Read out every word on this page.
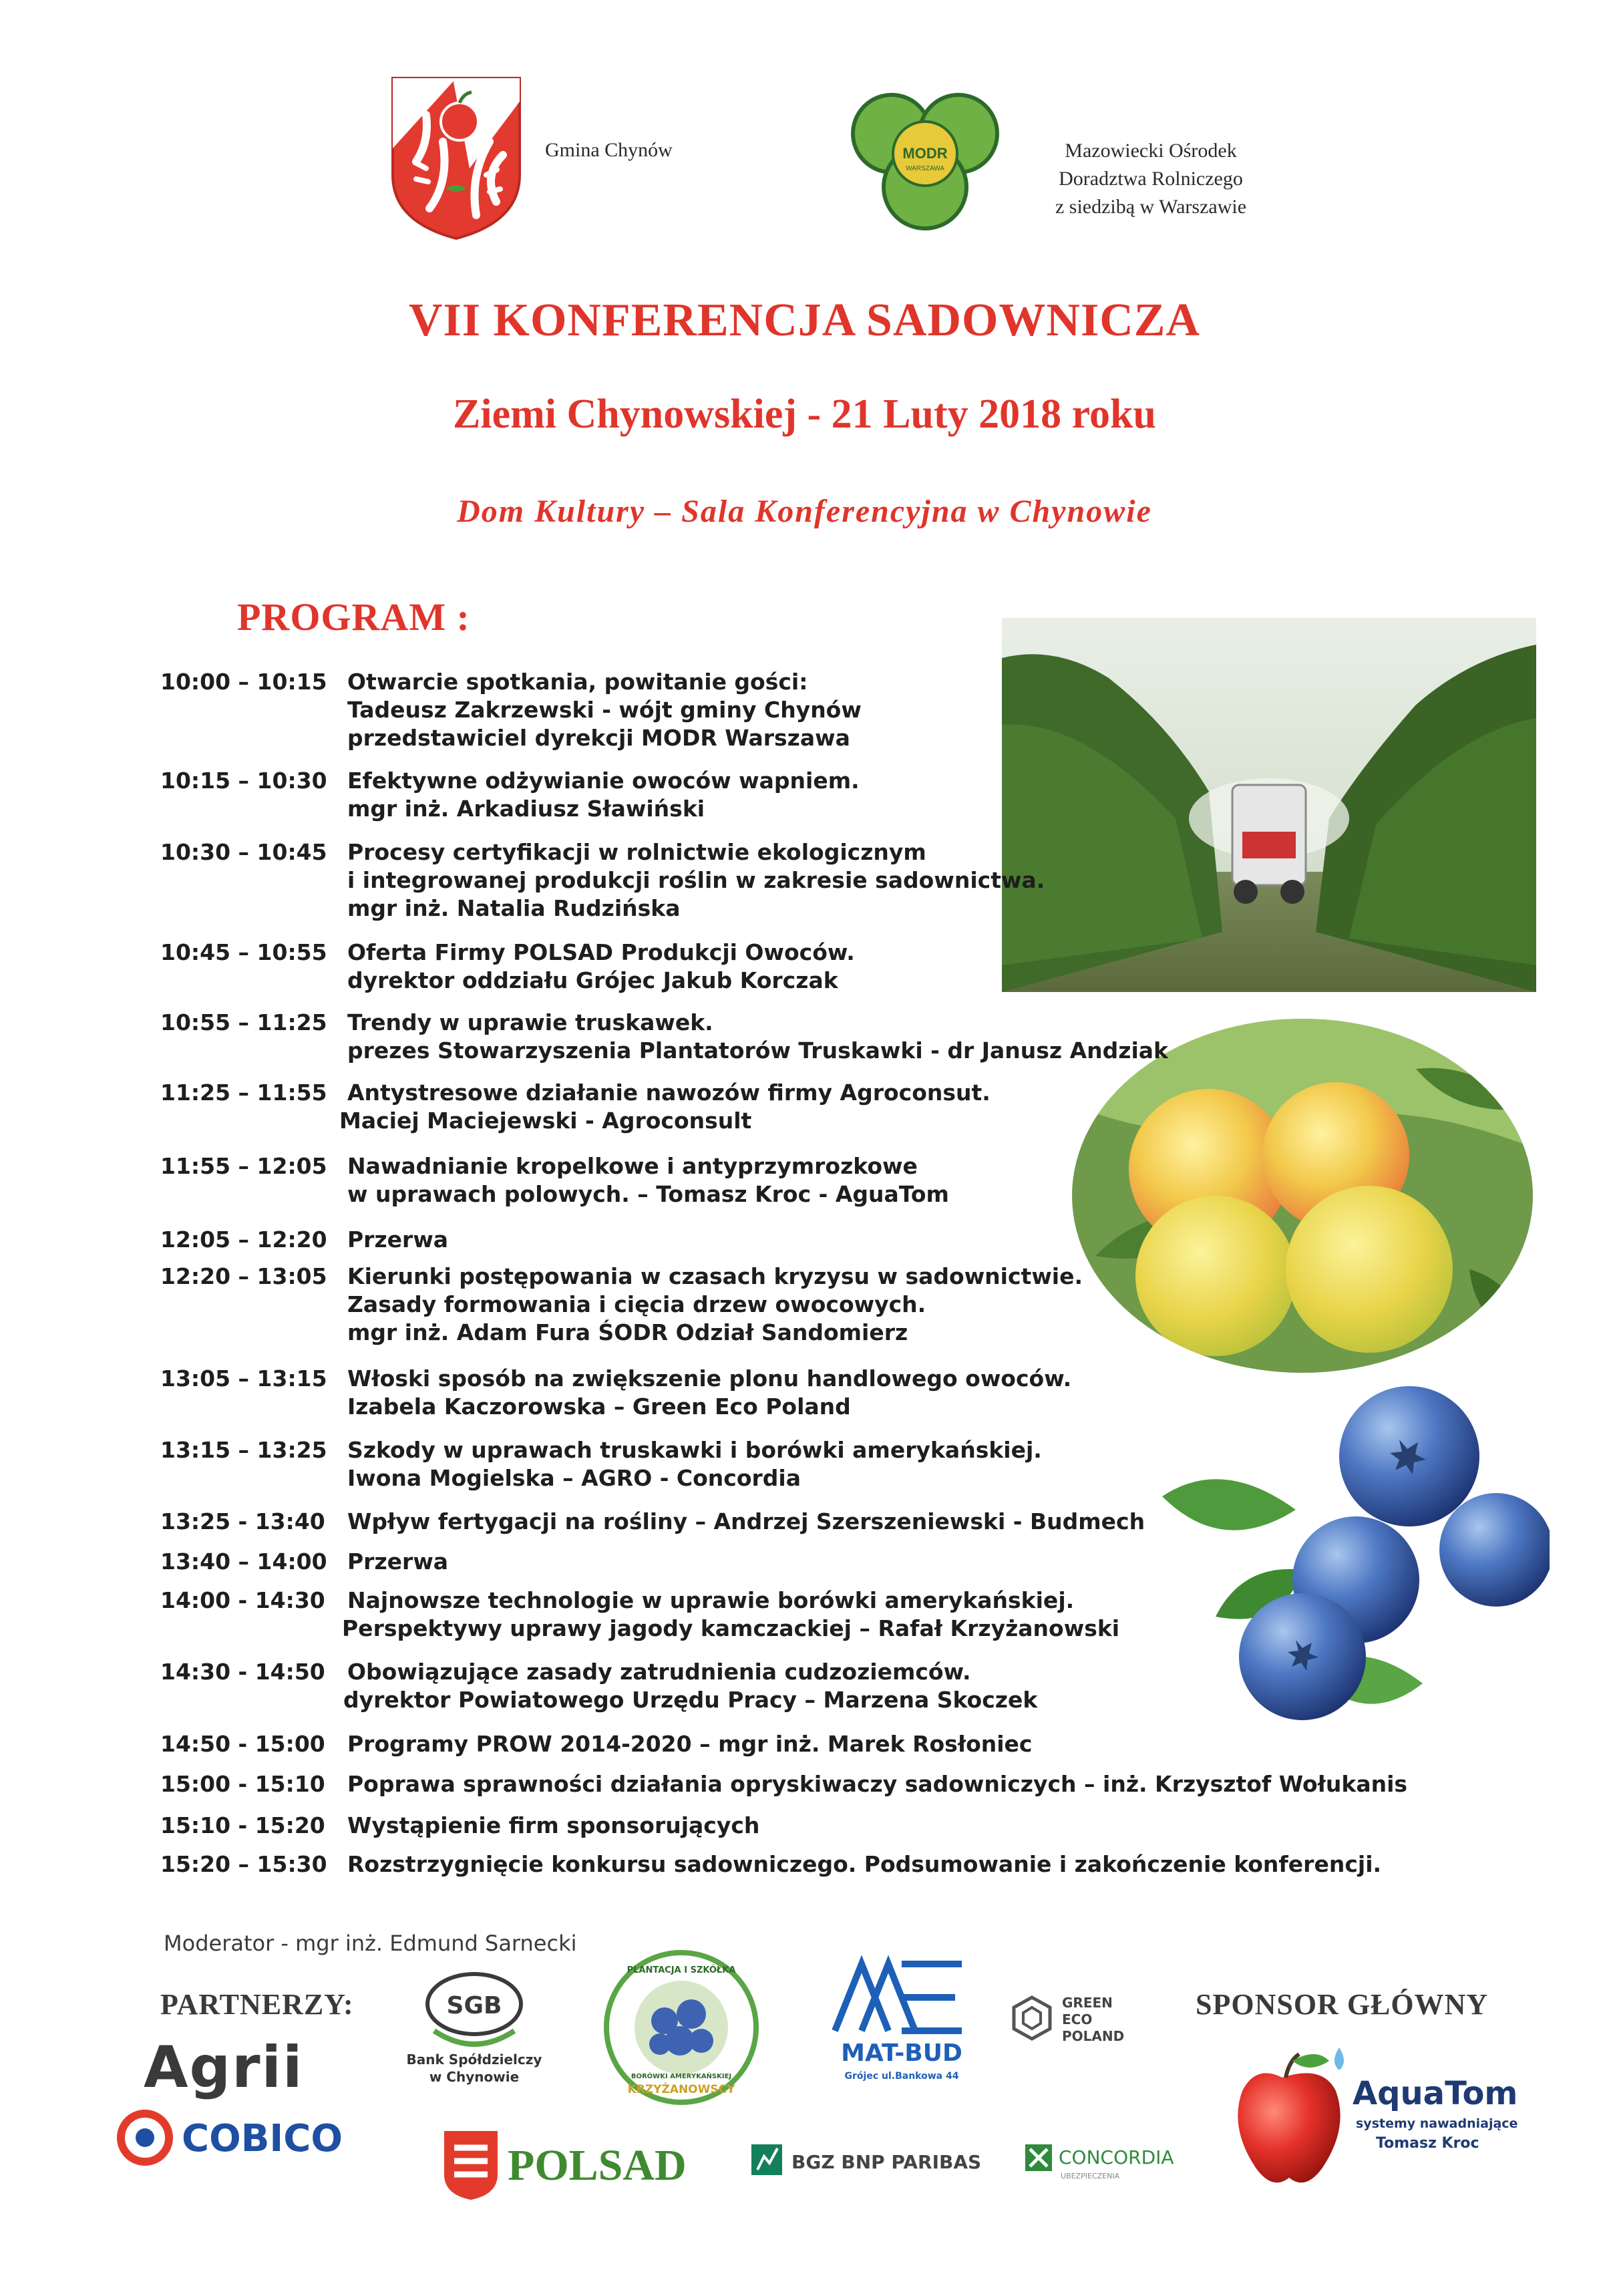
Gmina Chynów	MODR
WARSZAWA
Mazowiecki Ośrodek
Doradztwa Rolniczego
z siedzibą w Warszawie
VII KONFERENCJA SADOWNICZA
Ziemi Chynowskiej - 21 Luty 2018 roku
Dom Kultury – Sala Konferencyjna w Chynowie
PROGRAM :
10:00 – 10:15 Otwarcie spotkania, powitanie gości:
Tadeusz Zakrzewski - wójt gminy Chynów
przedstawiciel dyrekcji MODR Warszawa
10:15 – 10:30 Efektywne odżywianie owoców wapniem.
mgr inż. Arkadiusz Sławiński
10:30 – 10:45 Procesy certyfikacji w rolnictwie ekologicznym
i integrowanej produkcji roślin w zakresie sadownictwa.
mgr inż. Natalia Rudzińska
10:45 – 10:55 Oferta Firmy POLSAD Produkcji Owoców.
dyrektor oddziału Grójec Jakub Korczak
10:55 – 11:25 Trendy w uprawie truskawek.
prezes Stowarzyszenia Plantatorów Truskawki - dr Janusz Andziak
11:25 – 11:55 Antystresowe działanie nawozów firmy Agroconsut.
Maciej Maciejewski - Agroconsult
11:55 – 12:05 Nawadnianie kropelkowe i antyprzymrozkowe
w uprawach polowych. – Tomasz Kroc - AguaTom
12:05 – 12:20 Przerwa
12:20 – 13:05 Kierunki postępowania w czasach kryzysu w sadownictwie.
Zasady formowania i cięcia drzew owocowych.
mgr inż. Adam Fura ŚODR Odział Sandomierz
13:05 – 13:15 Włoski sposób na zwiększenie plonu handlowego owoców.
Izabela Kaczorowska – Green Eco Poland
13:15 – 13:25 Szkody w uprawach truskawki i borówki amerykańskiej.
Iwona Mogielska – AGRO - Concordia
13:25 - 13:40 Wpływ fertygacji na rośliny – Andrzej Szerszeniewski - Budmech
13:40 – 14:00 Przerwa
14:00 - 14:30 Najnowsze technologie w uprawie borówki amerykańskiej.
Perspektywy uprawy jagody kamczackiej – Rafał Krzyżanowski
14:30 - 14:50 Obowiązujące zasady zatrudnienia cudzoziemców.
dyrektor Powiatowego Urzędu Pracy – Marzena Skoczek
14:50 - 15:00 Programy PROW 2014-2020 – mgr inż. Marek Rosłoniec
15:00 - 15:10 Poprawa sprawności działania opryskiwaczy sadowniczych – inż. Krzysztof Wołukanis
15:10 - 15:20 Wystąpienie firm sponsorujących
15:20 – 15:30 Rozstrzygnięcie konkursu sadowniczego. Podsumowanie i zakończenie konferencji.
Moderator - mgr inż. Edmund Sarnecki
PARTNERZY:	SPONSOR GŁÓWNY
Agrii
COBICO
SGB
Bank Spółdzielczy
w Chynowie
PLANTACJA I SZKÓŁKA
BORÓWKI AMERYKAŃSKIEJ
KRZYŻANOWSCY
MAT-BUD
Grójec ul.Bankowa 44
GREEN
ECO
POLAND
POLSAD	BGZ BNP PARIBAS	CONCORDIA
UBEZPIECZENIA
AquaTom
systemy nawadniające
Tomasz Kroc
